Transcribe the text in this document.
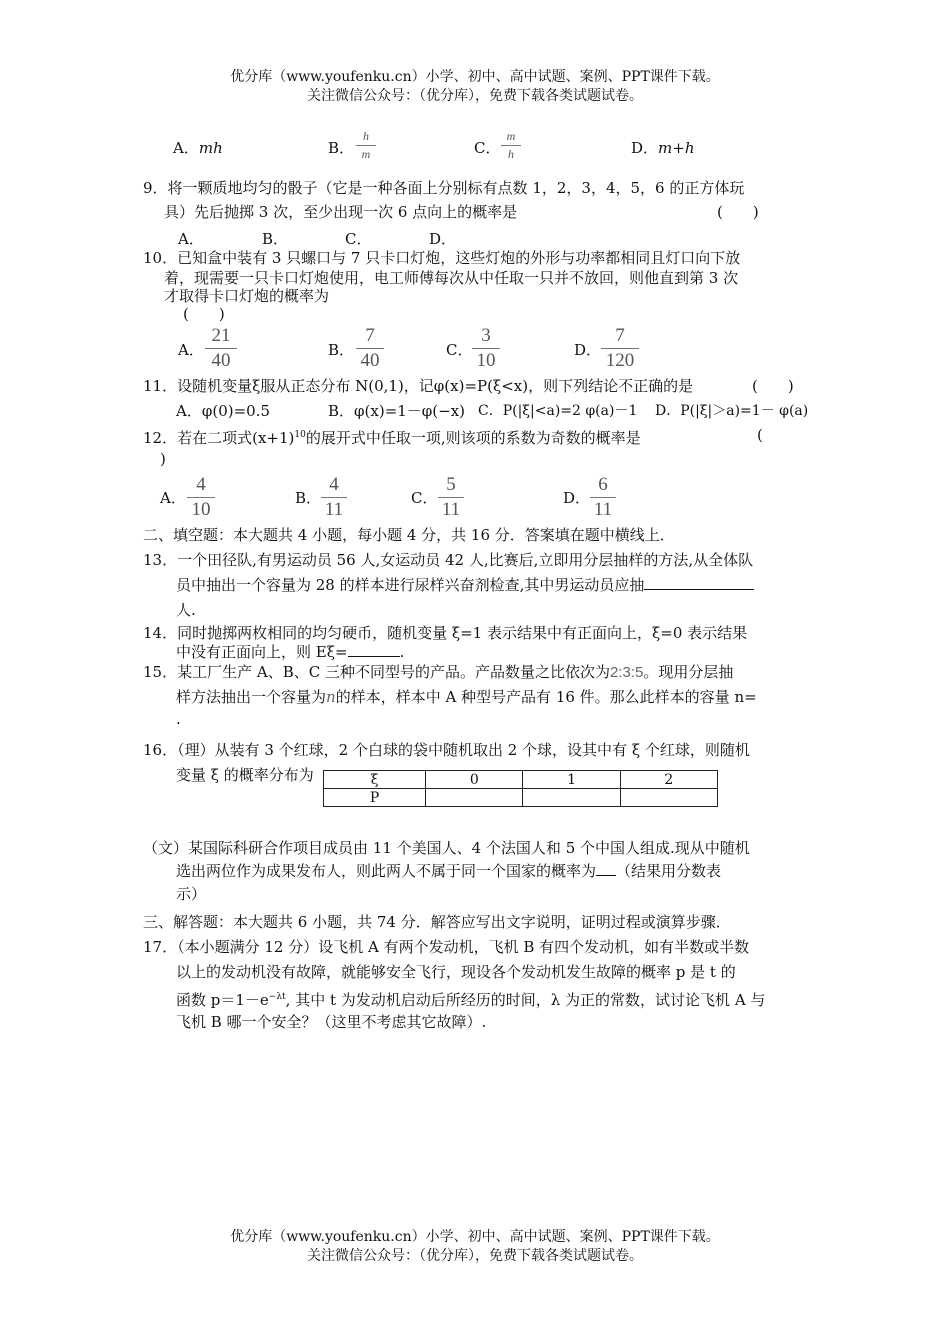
优分库（www.youfenku.cn）小学、初中、高中试题、案例、PPT课件下载。
关注微信公众号：（优分库），免费下载各类试题试卷。
A．mh	B．
h
m	C．
m
h	D．m+h
9．将一颗质地均匀的骰子（它是一种各面上分别标有点数 1，2，3，4，5，6 的正方体玩
具）先后抛掷 3 次，至少出现一次 6 点向上的概率是	(　　)
A．	B．	C．	D．
10．已知盒中装有 3 只螺口与 7 只卡口灯炮，这些灯炮的外形与功率都相同且灯口向下放
着，现需要一只卡口灯炮使用，电工师傅每次从中任取一只并不放回，则他直到第 3 次
才取得卡口灯炮的概率为
(　　)
A．
21
40	B．
7
40	C．
3
10	D．
7
120
11．设随机变量ξ服从正态分布 N(0,1)，记φ(x)=P(ξ<x)，则下列结论不正确的是	(　　)
A．φ(0)=0.5	B．φ(x)=1－φ(−x) C．P(|ξ|<a)=2 φ(a)－1 D．P(|ξ|＞a)=1－ φ(a)
12．若在二项式$(x+1)^{10}$的展开式中任取一项,则该项的系数为奇数的概率是	(
)
A．
4
10
B．
4
11
C．
5
11
D．
6
11
二、填空题：本大题共 4 小题，每小题 4 分，共 16 分．答案填在题中横线上．
13．一个田径队,有男运动员 56 人,女运动员 42 人,比赛后,立即用分层抽样的方法,从全体队
员中抽出一个容量为 28 的样本进行尿样兴奋剂检查,其中男运动员应抽
人.
14．同时抛掷两枚相同的均匀硬币，随机变量 ξ=1 表示结果中有正面向上，ξ=0 表示结果
中没有正面向上，则 Eξ=	.
15．某工厂生产 A、B、C 三种不同型号的产品。产品数量之比依次为2:3:5。现用分层抽
样方法抽出一个容量为n的样本，样本中 A 种型号产品有 16 件。那么此样本的容量 n=
.
16．（理）从装有 3 个红球，2 个白球的袋中随机取出 2 个球，设其中有 ξ 个红球，则随机
变量 ξ 的概率分布为	ξ	0	1	2
P			
（文）某国际科研合作项目成员由 11 个美国人、4 个法国人和 5 个中国人组成.现从中随机
选出两位作为成果发布人，则此两人不属于同一个国家的概率为 （结果用分数表
示）
三、解答题：本大题共 6 小题，共 74 分．解答应写出文字说明，证明过程或演算步骤．
17．（本小题满分 12 分）设飞机 A 有两个发动机，飞机 B 有四个发动机，如有半数或半数
以上的发动机没有故障，就能够安全飞行，现设各个发动机发生故障的概率 p 是 t 的
函数 $p=1-e^{-\lambda t}$, 其中 t 为发动机启动后所经历的时间，λ 为正的常数，试讨论飞机 A 与
飞机 B 哪一个安全？（这里不考虑其它故障）.
优分库（www.youfenku.cn）小学、初中、高中试题、案例、PPT课件下载。
关注微信公众号：（优分库），免费下载各类试题试卷。
